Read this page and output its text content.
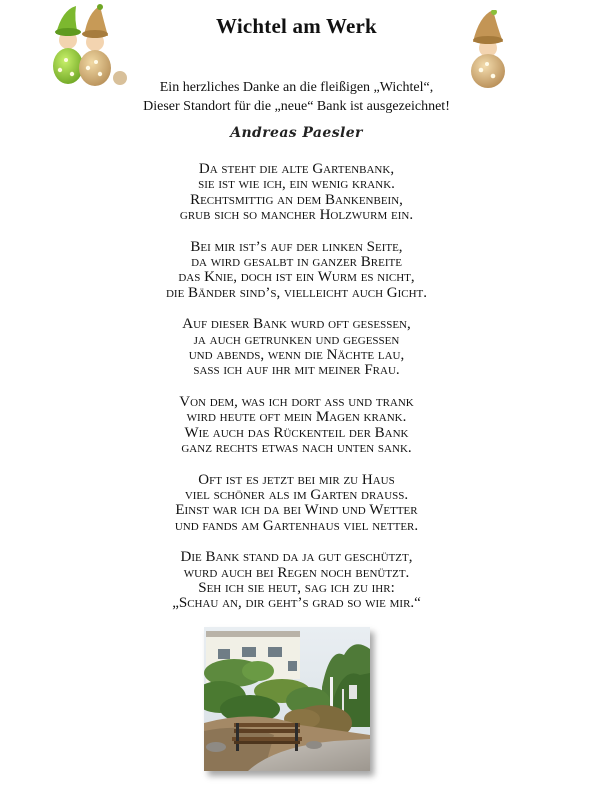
Wichtel am Werk
Ein herzliches Danke an die fleißigen „Wichtel“,
Dieser Standort für die „neue“ Bank ist ausgezeichnet!
Andreas Paesler
Da steht die alte Gartenbank,
sie ist wie ich, ein wenig krank.
Rechtsmittig an dem Bankenbein,
grub sich so mancher Holzwurm ein.
Bei mir ist’s auf der linken Seite,
da wird gesalbt in ganzer Breite
das Knie, doch ist ein Wurm es nicht,
die Bänder sind’s, vielleicht auch Gicht.
Auf dieser Bank wurd oft gesessen,
ja auch getrunken und gegessen
und abends, wenn die Nächte lau,
sass ich auf ihr mit meiner Frau.
Von dem, was ich dort ass und trank
wird heute oft mein Magen krank.
Wie auch das Rückenteil der Bank
ganz rechts etwas nach unten sank.
Oft ist es jetzt bei mir zu Haus
viel schöner als im Garten drauss.
Einst war ich da bei Wind und Wetter
und fands am Gartenhaus viel netter.
Die Bank stand da ja gut geschützt,
wurd auch bei Regen noch benützt.
Seh ich sie heut, sag ich zu ihr:
„Schau an, dir geht’s grad so wie mir.“
